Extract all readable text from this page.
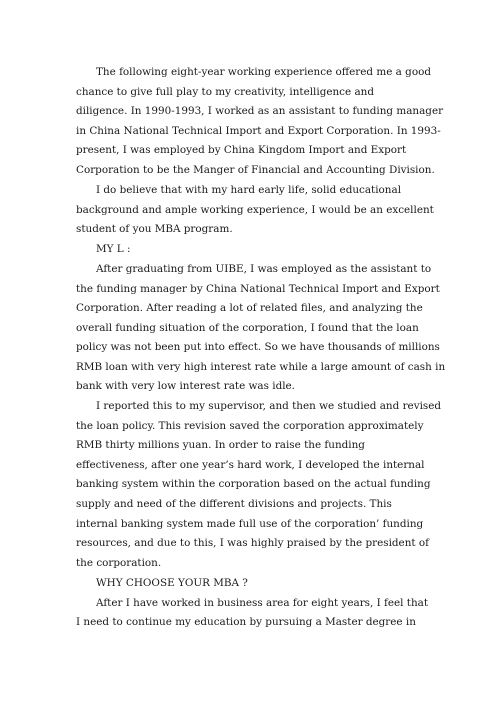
The following eight-year working experience offered me a good
chance to give full play to my creativity, intelligence and
diligence. In 1990-1993, I worked as an assistant to funding manager
in China National Technical Import and Export Corporation. In 1993-
present, I was employed by China Kingdom Import and Export
Corporation to be the Manger of Financial and Accounting Division.
I do believe that with my hard early life, solid educational
background and ample working experience, I would be an excellent
student of you MBA program.
MY L :
After graduating from UIBE, I was employed as the assistant to
the funding manager by China National Technical Import and Export
Corporation. After reading a lot of related files, and analyzing the
overall funding situation of the corporation, I found that the loan
policy was not been put into effect. So we have thousands of millions
RMB loan with very high interest rate while a large amount of cash in
bank with very low interest rate was idle.
I reported this to my supervisor, and then we studied and revised
the loan policy. This revision saved the corporation approximately
RMB thirty millions yuan. In order to raise the funding
effectiveness, after one year’s hard work, I developed the internal
banking system within the corporation based on the actual funding
supply and need of the different divisions and projects. This
internal banking system made full use of the corporation’ funding
resources, and due to this, I was highly praised by the president of
the corporation.
WHY CHOOSE YOUR MBA ?
After I have worked in business area for eight years, I feel that
I need to continue my education by pursuing a Master degree in
